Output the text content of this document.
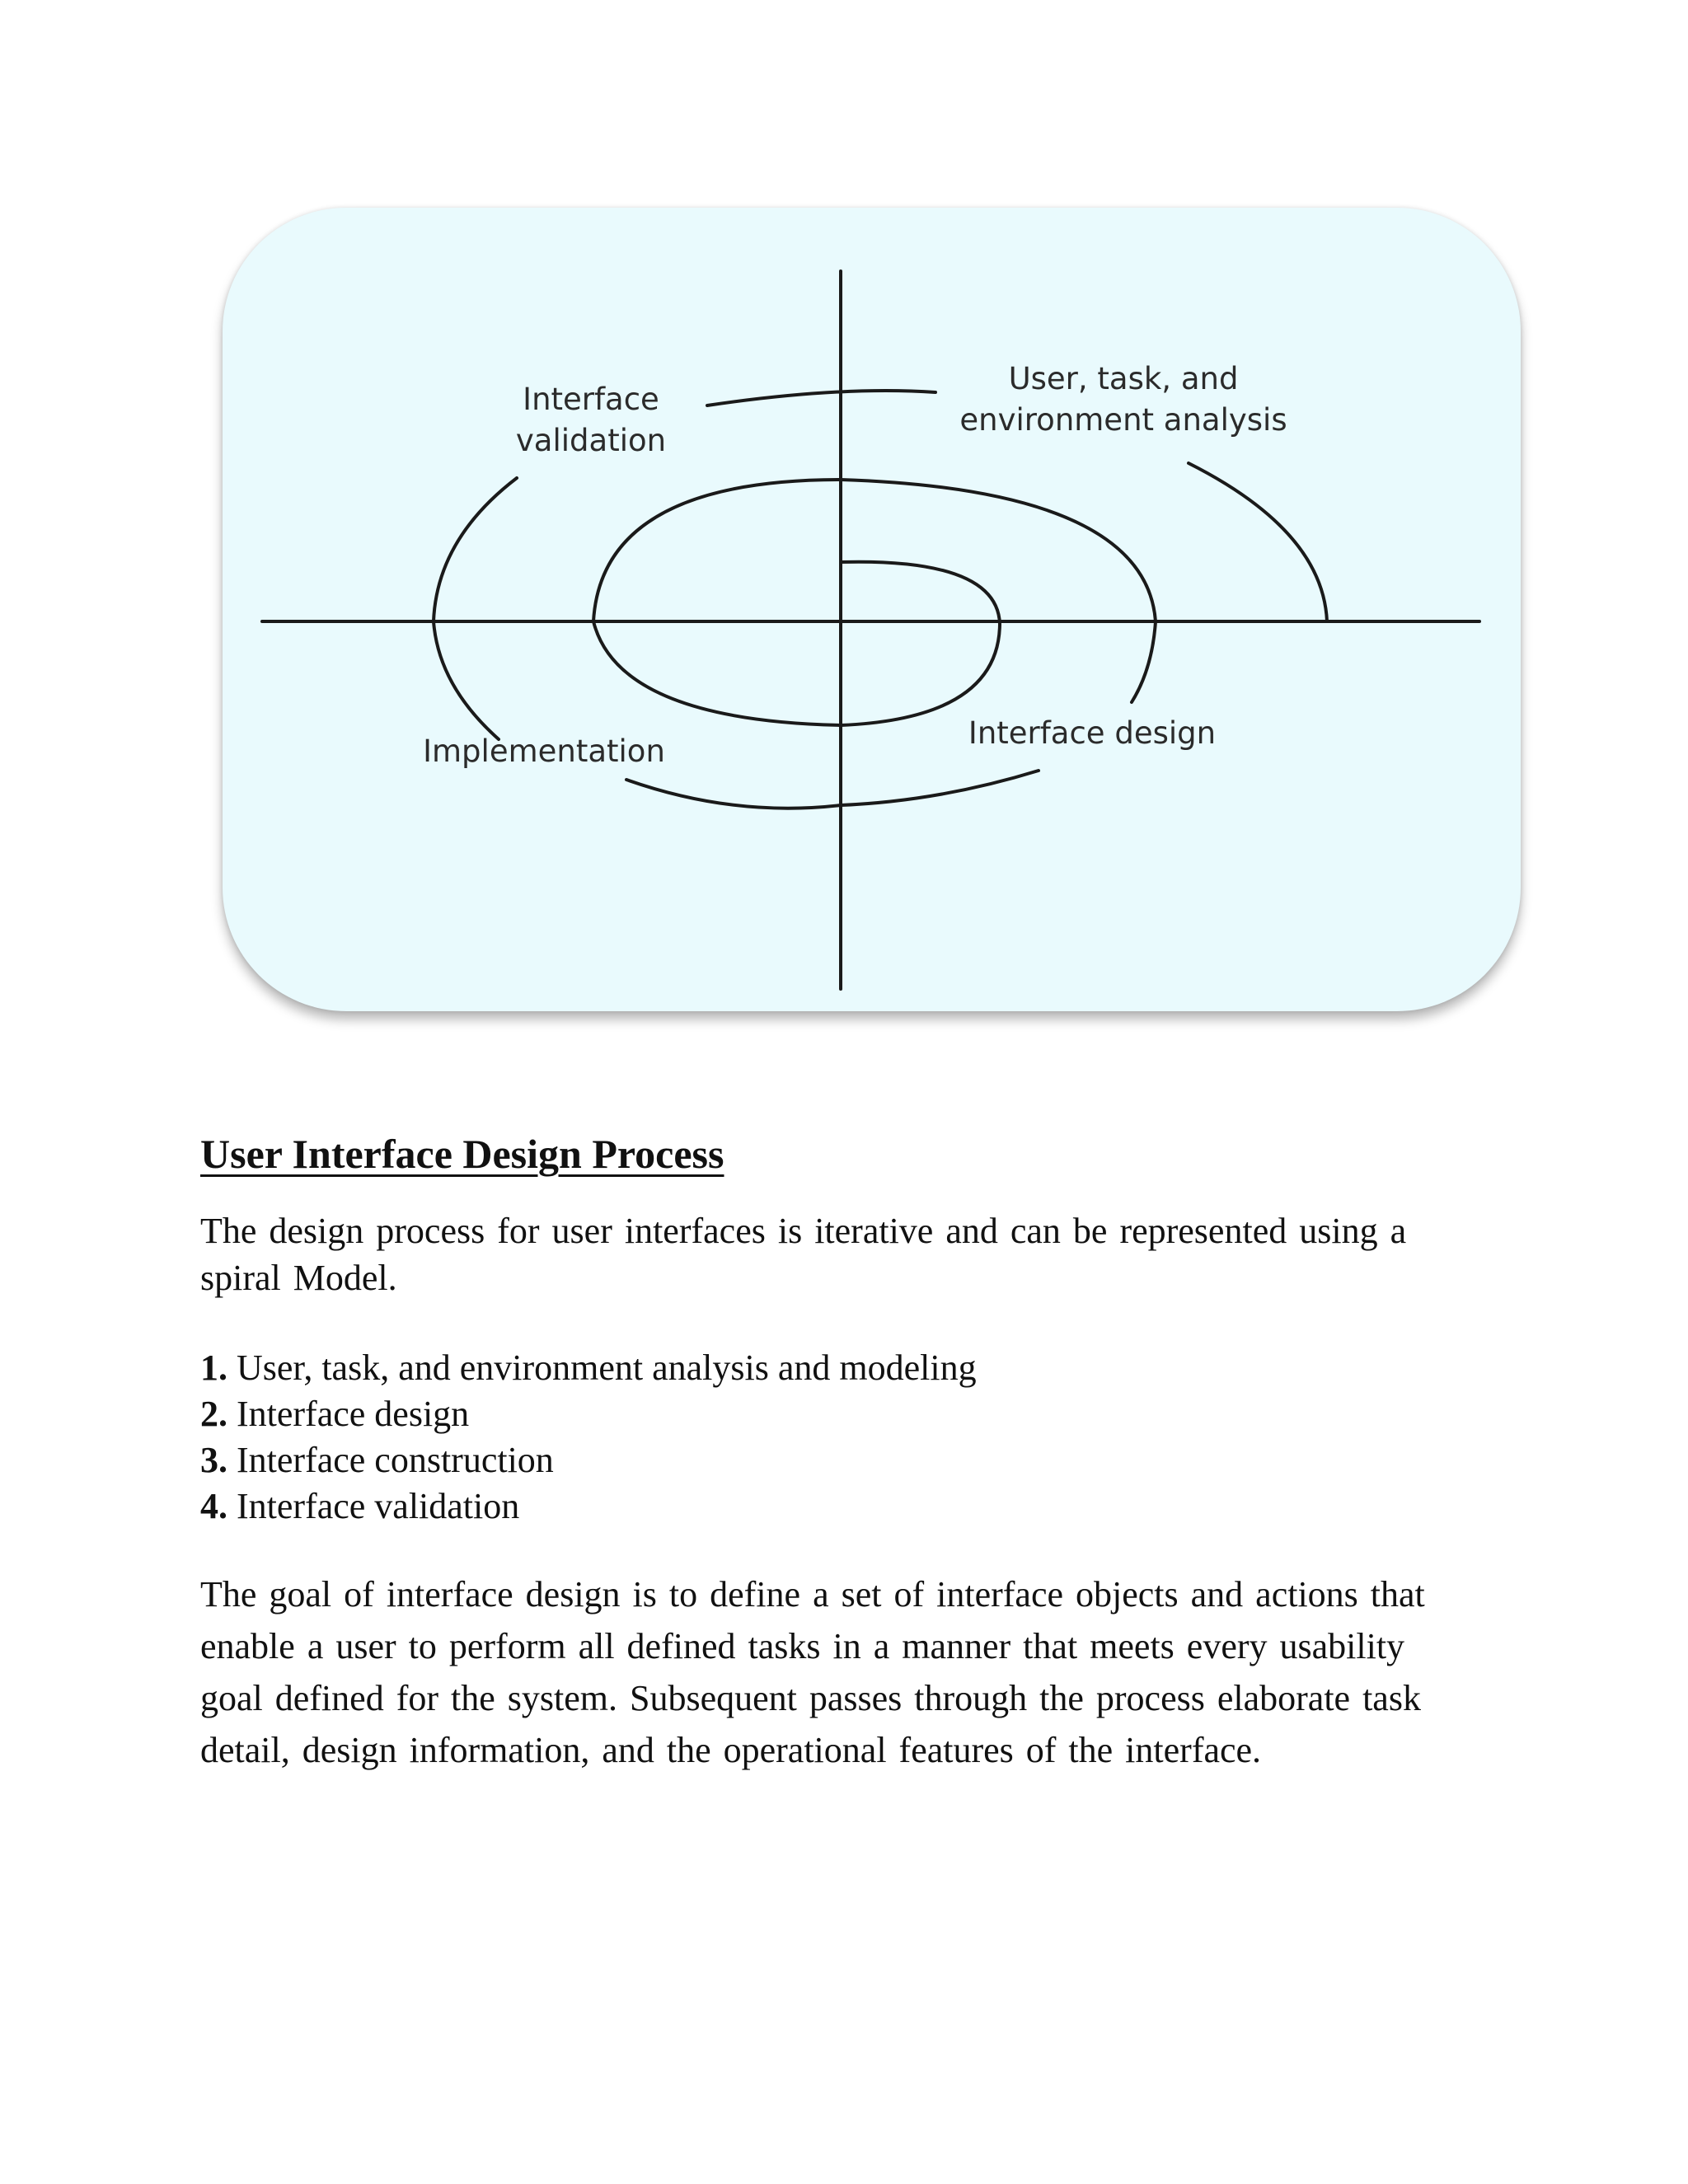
Interface
validation
User, task, and
environment analysis
Implementation
Interface design
User Interface Design Process

The design process for user interfaces is iterative and can be represented using a spiral Model.

1. User, task, and environment analysis and modeling
2. Interface design
3. Interface construction
4. Interface validation

The goal of interface design is to define a set of interface objects and actions that enable a user to perform all defined tasks in a manner that meets every usability goal defined for the system. Subsequent passes through the process elaborate task detail, design information, and the operational features of the interface.
